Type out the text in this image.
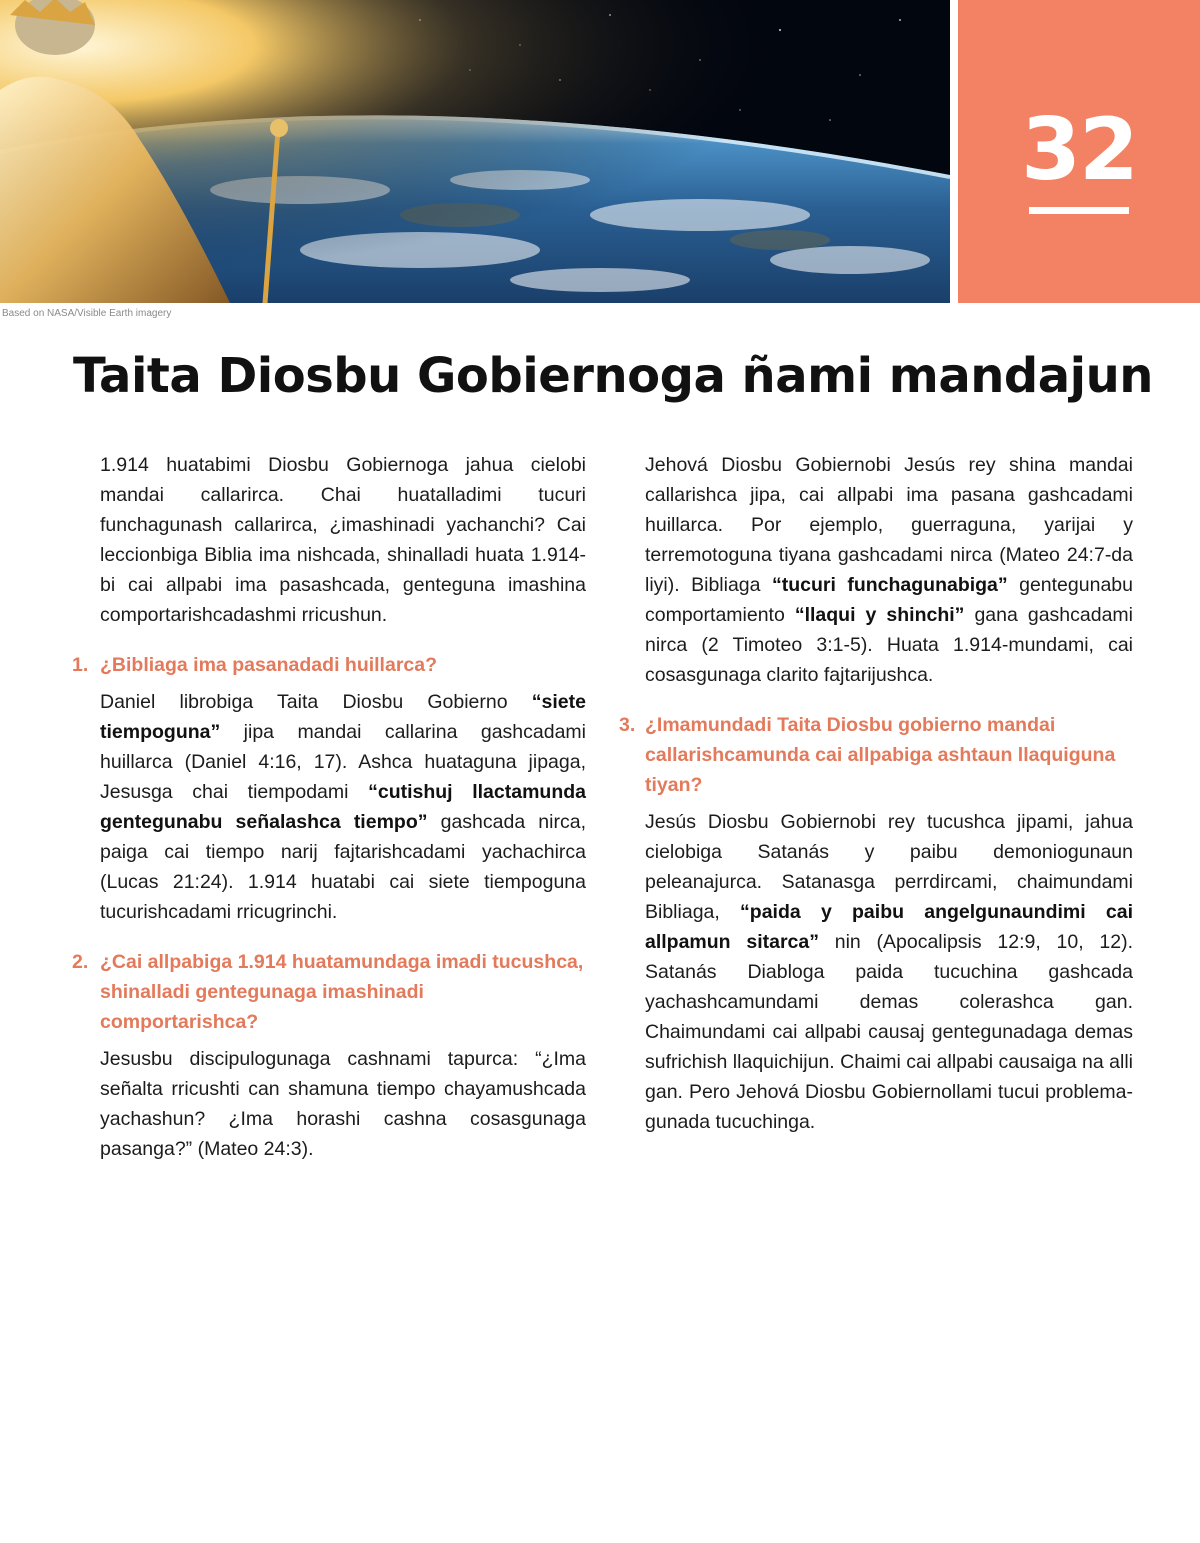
32
Based on NASA/Visible Earth imagery
Taita Diosbu Gobiernoga ñami mandajun

1.914 huatabimi Diosbu Gobiernoga jahua cielobi mandai callarirca. Chai huatalladimi tucuri funchagunash callarirca, ¿imashinadi yachanchi? Cai leccionbiga Biblia ima nishcada, shinalladi huata 1.914-bi cai allpabi ima pasashcada, genteguna imashina comportarishcadashmi rricushun.

1. ¿Bibliaga ima pasanadadi huillarca?

Daniel librobiga Taita Diosbu Gobierno “siete tiempoguna” jipa mandai callarina gashcadami huillarca (Daniel 4:16, 17). Ashca huataguna jipaga, Jesusga chai tiempodami “cutishuj llactamunda gentegunabu señalashca tiempo” gashcada nirca, paiga cai tiempo narij fajtarishcadami yachachirca (Lucas 21:24). 1.914 huatabi cai siete tiempoguna tucurishcadami rricugrinchi.

2. ¿Cai allpabiga 1.914 huatamundaga imadi tucushca, shinalladi gentegunaga imashinadi comportarishca?

Jesusbu discipulogunaga cashnami tapurca: “¿Ima señalta rricushti can shamuna tiempo chayamushcada yachashun? ¿Ima horashi cashna cosasgunaga pasanga?” (Mateo 24:3).

Jehová Diosbu Gobiernobi Jesús rey shina mandai callarishca jipa, cai allpabi ima pasana gashcadami huillarca. Por ejemplo, guerraguna, yarijai y terremotoguna tiyana gashcadami nirca (Mateo 24:7-da liyi). Bibliaga “tucuri funchagunabiga” gentegunabu comportamiento “llaqui y shinchi” gana gashcadami nirca (2 Timoteo 3:1-5). Huata 1.914-mundami, cai cosasgunaga clarito fajtarijushca.

3. ¿Imamundadi Taita Diosbu gobierno mandai callarishcamunda cai allpabiga ashtaun llaquiguna tiyan?

Jesús Diosbu Gobiernobi rey tucushca jipami, jahua cielobiga Satanás y paibu demoniogunaun peleanajurca. Satanasga perrdircami, chaimundami Bibliaga, “paida y paibu angelgunaundimi cai allpamun sitarca” nin (Apocalipsis 12:9, 10, 12). Satanás Diabloga paida tucuchina gashcada yachashcamundami demas colerashca gan. Chaimundami cai allpabi causaj gentegunadaga demas sufrichish llaquichijun. Chaimi cai allpabi causaiga na alli gan. Pero Jehová Diosbu Gobiernollami tucui problemagunada tucuchinga.
